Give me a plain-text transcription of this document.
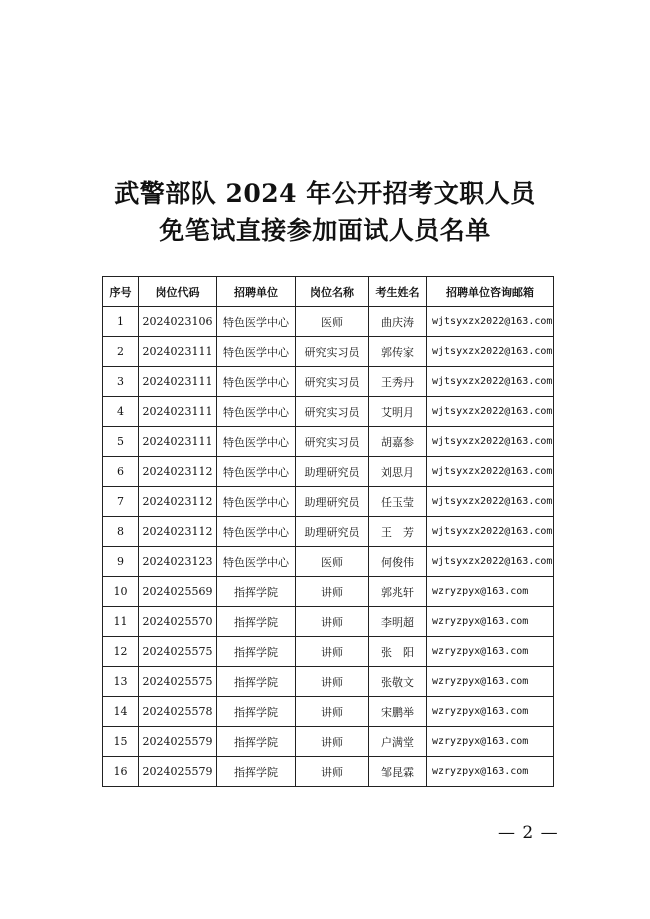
武警部队 2024 年公开招考文职人员
免笔试直接参加面试人员名单
序号	岗位代码	招聘单位	岗位名称	考生姓名	招聘单位咨询邮箱
1	2024023106	特色医学中心	医师	曲庆涛	wjtsyxzx2022@163.com
2	2024023111	特色医学中心	研究实习员	郭传家	wjtsyxzx2022@163.com
3	2024023111	特色医学中心	研究实习员	王秀丹	wjtsyxzx2022@163.com
4	2024023111	特色医学中心	研究实习员	艾明月	wjtsyxzx2022@163.com
5	2024023111	特色医学中心	研究实习员	胡嘉参	wjtsyxzx2022@163.com
6	2024023112	特色医学中心	助理研究员	刘思月	wjtsyxzx2022@163.com
7	2024023112	特色医学中心	助理研究员	任玉莹	wjtsyxzx2022@163.com
8	2024023112	特色医学中心	助理研究员	王　芳	wjtsyxzx2022@163.com
9	2024023123	特色医学中心	医师	何俊伟	wjtsyxzx2022@163.com
10	2024025569	指挥学院	讲师	郭兆轩	wzryzpyx@163.com
11	2024025570	指挥学院	讲师	李明超	wzryzpyx@163.com
12	2024025575	指挥学院	讲师	张　阳	wzryzpyx@163.com
13	2024025575	指挥学院	讲师	张敬文	wzryzpyx@163.com
14	2024025578	指挥学院	讲师	宋鹏举	wzryzpyx@163.com
15	2024025579	指挥学院	讲师	户满堂	wzryzpyx@163.com
16	2024025579	指挥学院	讲师	邹昆霖	wzryzpyx@163.com
— 2 —
